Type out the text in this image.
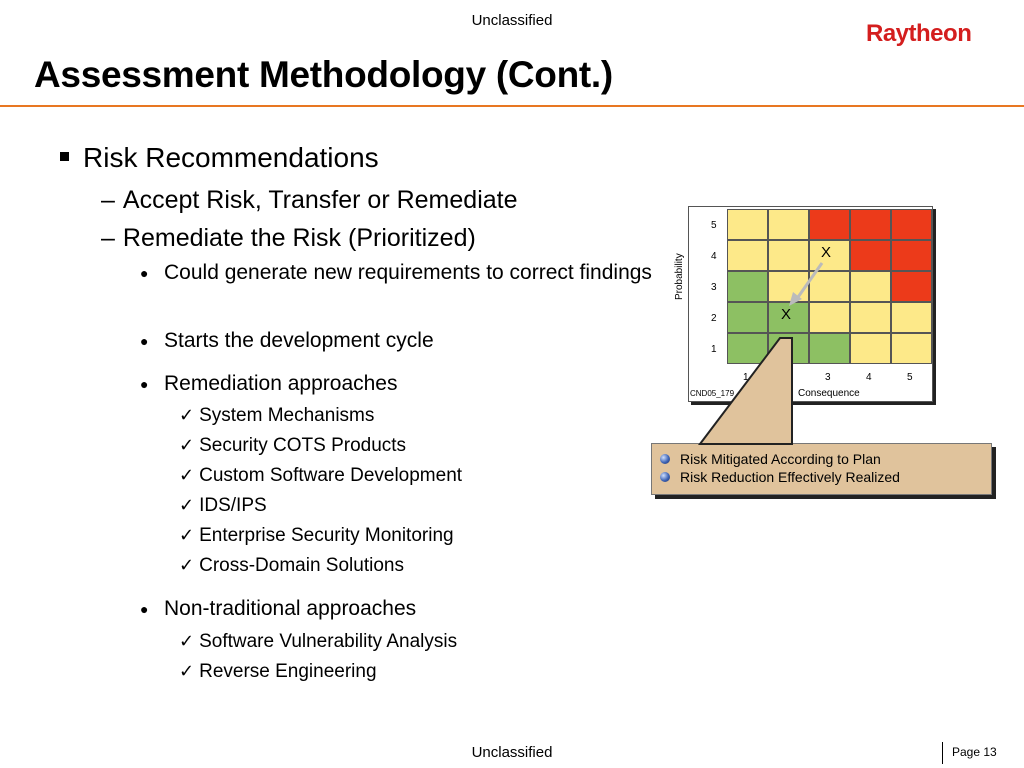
Unclassified	Raytheon
Assessment Methodology (Cont.)
Risk Recommendations
– Accept Risk, Transfer or Remediate
– Remediate the Risk (Prioritized)
● Could generate new requirements to correct findings
● Starts the development cycle
● Remediation approaches
✓ System Mechanisms
✓ Security COTS Products
✓ Custom Software Development
✓ IDS/IPS
✓ Enterprise Security Monitoring
✓ Cross-Domain Solutions
● Non-traditional approaches
✓ Software Vulnerability Analysis
✓ Reverse Engineering
Probability
Consequence
CND05_179
5
4
3
2
1
1	3	4	5
X
X
Risk Mitigated According to Plan
Risk Reduction Effectively Realized
Unclassified	Page 13
